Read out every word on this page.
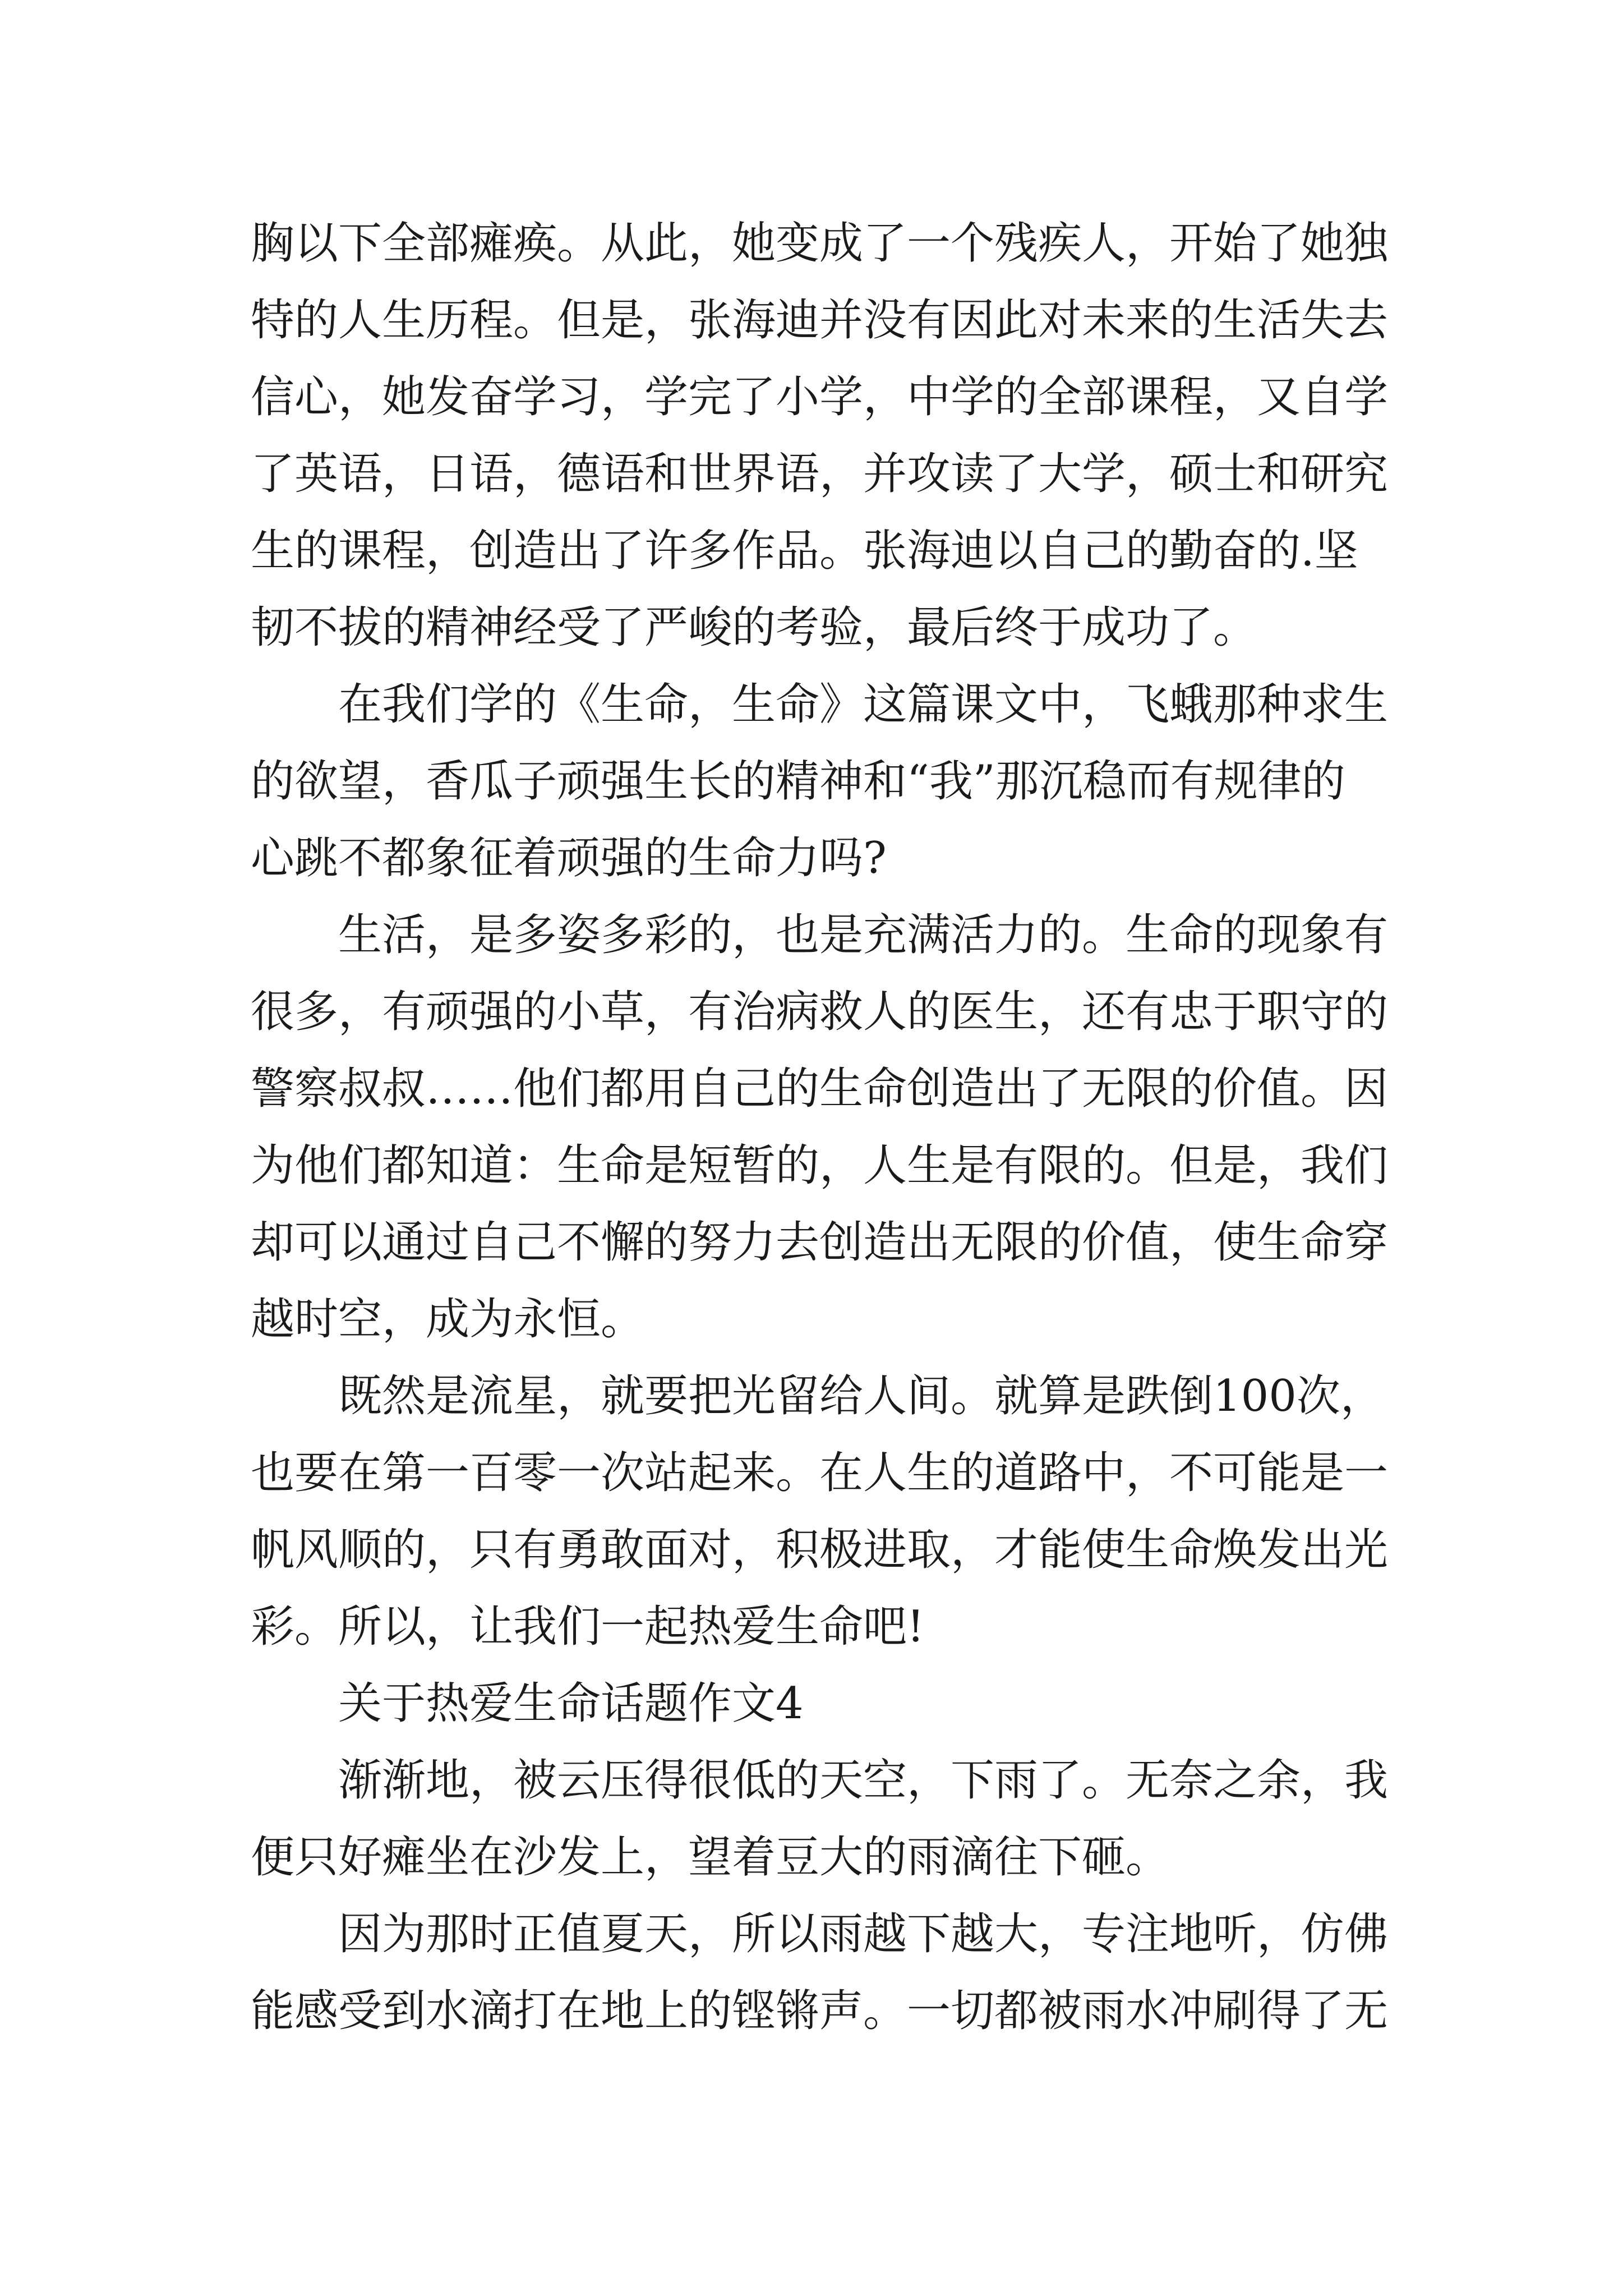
胸以下全部瘫痪。从此，她变成了一个残疾人，开始了她独
特的人生历程。但是，张海迪并没有因此对未来的生活失去
信心，她发奋学习，学完了小学，中学的全部课程，又自学
了英语，日语，德语和世界语，并攻读了大学，硕士和研究
生的课程，创造出了许多作品。张海迪以自己的勤奋的.坚
韧不拔的精神经受了严峻的考验，最后终于成功了。
在我们学的《生命，生命》这篇课文中，飞蛾那种求生
的欲望，香瓜子顽强生长的精神和“我”那沉稳而有规律的
心跳不都象征着顽强的生命力吗?
生活，是多姿多彩的，也是充满活力的。生命的现象有
很多，有顽强的小草，有治病救人的医生，还有忠于职守的
警察叔叔……他们都用自己的生命创造出了无限的价值。因
为他们都知道：生命是短暂的，人生是有限的。但是，我们
却可以通过自己不懈的努力去创造出无限的价值，使生命穿
越时空，成为永恒。
既然是流星，就要把光留给人间。就算是跌倒100次，
也要在第一百零一次站起来。在人生的道路中，不可能是一
帆风顺的，只有勇敢面对，积极进取，才能使生命焕发出光
彩。所以，让我们一起热爱生命吧!
关于热爱生命话题作文4
渐渐地，被云压得很低的天空，下雨了。无奈之余，我
便只好瘫坐在沙发上，望着豆大的雨滴往下砸。
因为那时正值夏天，所以雨越下越大，专注地听，仿佛
能感受到水滴打在地上的铿锵声。一切都被雨水冲刷得了无
